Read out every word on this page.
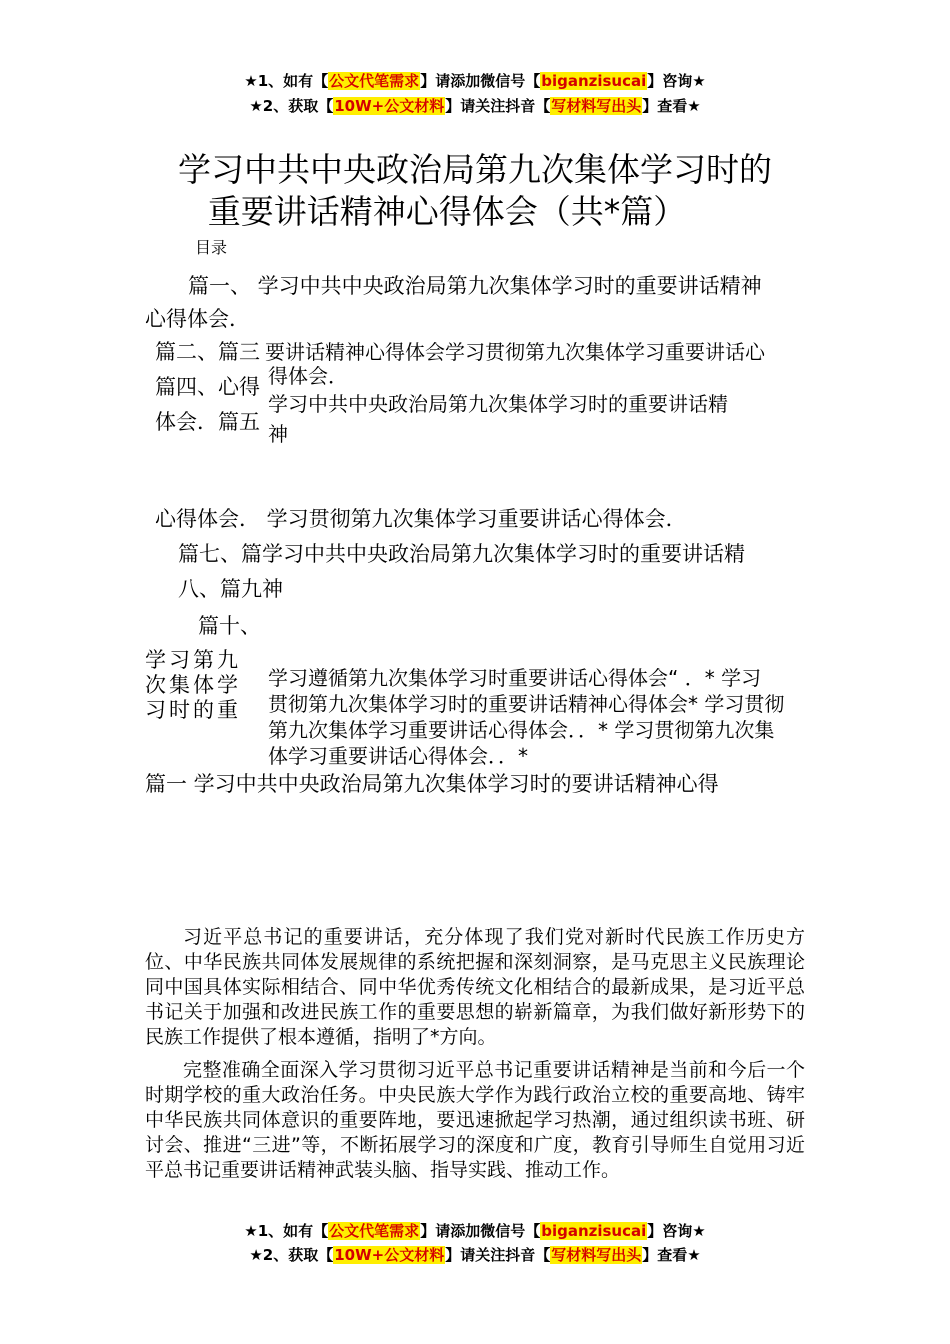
★1、如有【公文代笔需求】请添加微信号【biganzisucai】咨询★
★2、获取【10W+公文材料】请关注抖音【写材料写出头】查看★
学习中共中央政治局第九次集体学习时的
重要讲话精神心得体会（共*篇）
目录
篇一、 学习中共中央政治局第九次集体学习时的重要讲话精神
心得体会．
篇二、篇三 要讲话精神心得体会学习贯彻第九次集体学习重要讲话心
得体会．
篇四、心得
学习中共中央政治局第九次集体学习时的重要讲话精
体会．篇五 神
心得体会． 学习贯彻第九次集体学习重要讲话心得体会．
篇七、篇学习中共中央政治局第九次集体学习时的重要讲话精
八、篇九神
篇十、
学习第九
次集体学
习时的重
学习遵循第九次集体学习时重要讲话心得体会“ ．* 学习
贯彻第九次集体学习时的重要讲话精神心得体会* 学习贯彻
第九次集体学习重要讲话心得体会．．* 学习贯彻第九次集
体学习重要讲话心得体会．．*
篇一 学习中共中央政治局第九次集体学习时的要讲话精神心得

习近平总书记的重要讲话，充分体现了我们党对新时代民族工作历史方位、中华民族共同体发展规律的系统把握和深刻洞察，是马克思主义民族理论同中国具体实际相结合、同中华优秀传统文化相结合的最新成果，是习近平总书记关于加强和改进民族工作的重要思想的崭新篇章，为我们做好新形势下的民族工作提供了根本遵循，指明了*方向。

完整准确全面深入学习贯彻习近平总书记重要讲话精神是当前和今后一个时期学校的重大政治任务。中央民族大学作为践行政治立校的重要高地、铸牢中华民族共同体意识的重要阵地，要迅速掀起学习热潮，通过组织读书班、研讨会、推进“三进”等，不断拓展学习的深度和广度，教育引导师生自觉用习近平总书记重要讲话精神武装头脑、指导实践、推动工作。

★1、如有【公文代笔需求】请添加微信号【biganzisucai】咨询★
★2、获取【10W+公文材料】请关注抖音【写材料写出头】查看★
